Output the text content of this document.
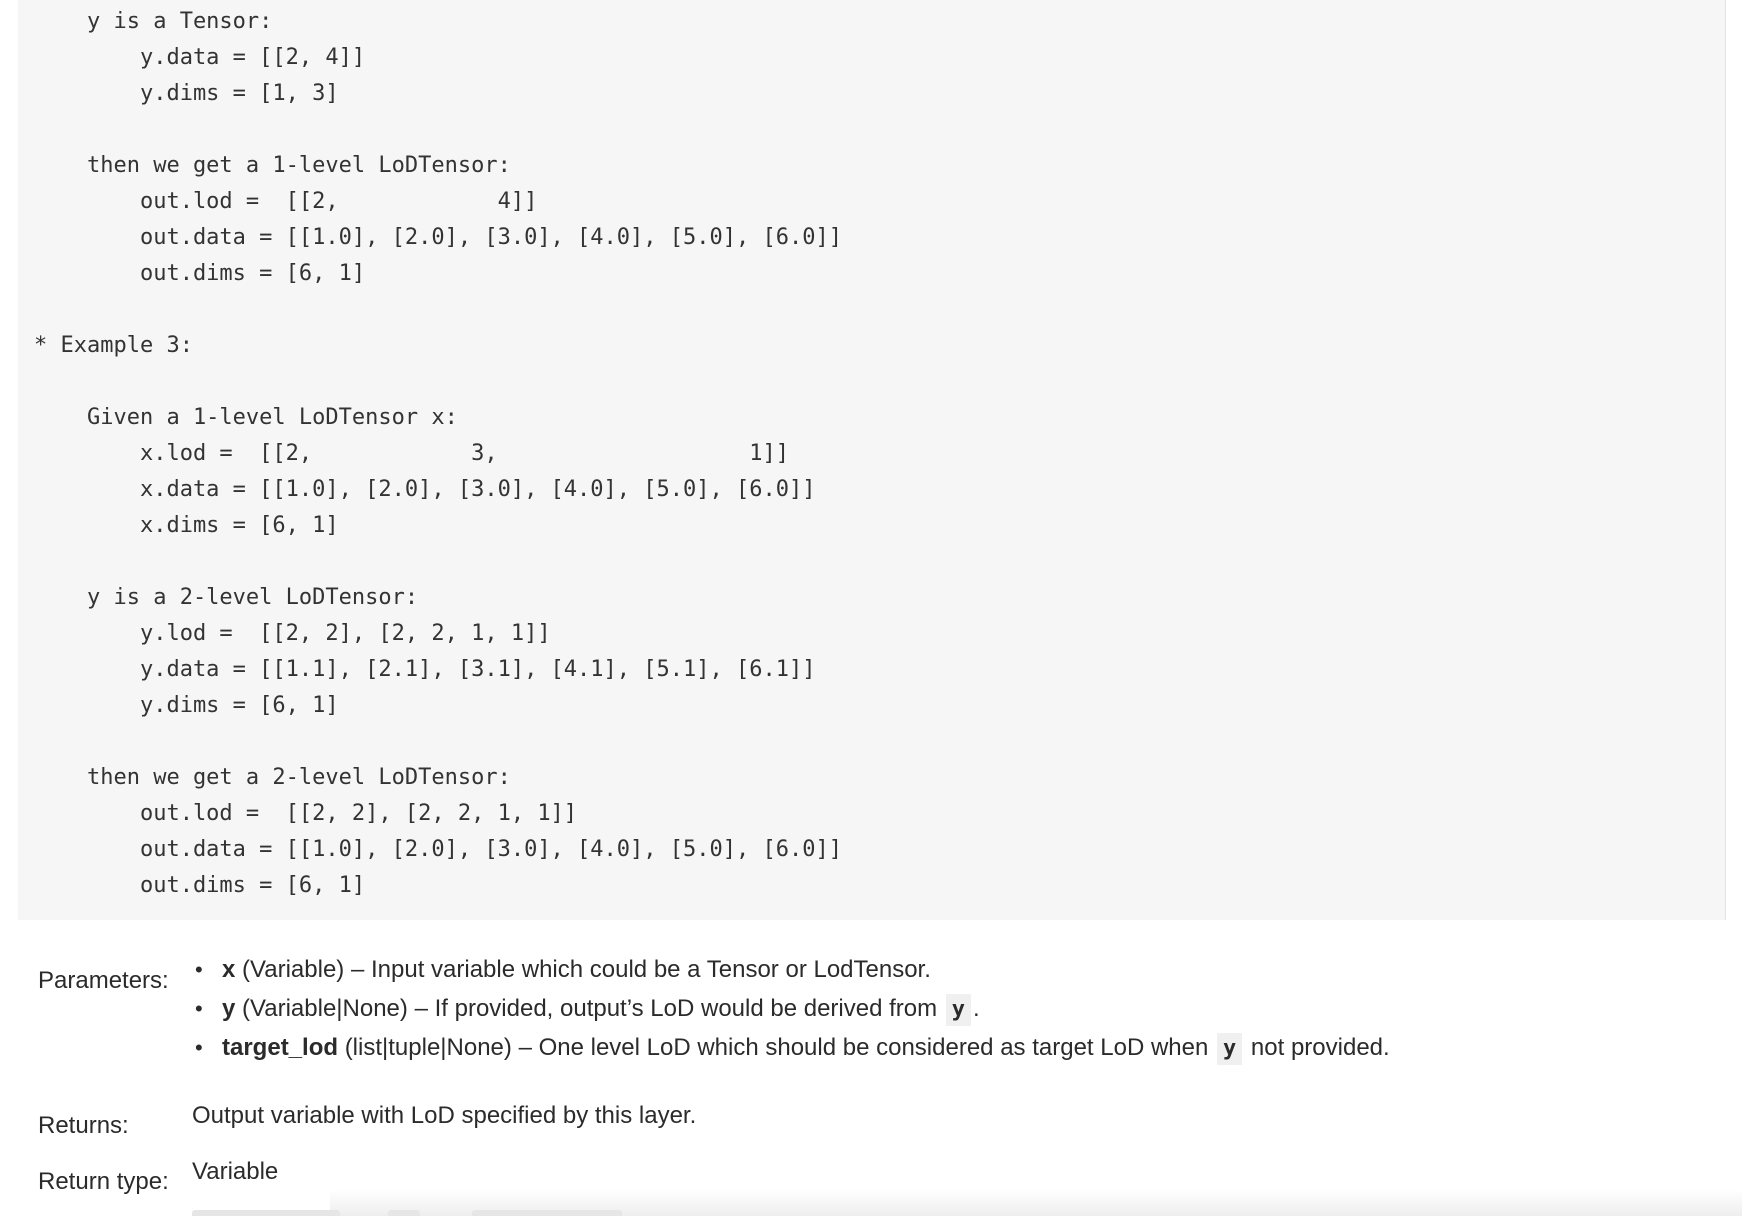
y is a Tensor:
y.data = [[2, 4]]
y.dims = [1, 3]
then we get a 1-level LoDTensor:
out.lod =  [[2,            4]]
out.data = [[1.0], [2.0], [3.0], [4.0], [5.0], [6.0]]
out.dims = [6, 1]
* Example 3:
Given a 1-level LoDTensor x:
x.lod =  [[2,            3,                   1]]
x.data = [[1.0], [2.0], [3.0], [4.0], [5.0], [6.0]]
x.dims = [6, 1]
y is a 2-level LoDTensor:
y.lod =  [[2, 2], [2, 2, 1, 1]]
y.data = [[1.1], [2.1], [3.1], [4.1], [5.1], [6.1]]
y.dims = [6, 1]
then we get a 2-level LoDTensor:
out.lod =  [[2, 2], [2, 2, 1, 1]]
out.data = [[1.0], [2.0], [3.0], [4.0], [5.0], [6.0]]
out.dims = [6, 1]
Parameters: • x (Variable) – Input variable which could be a Tensor or LodTensor.
• y (Variable|None) – If provided, output’s LoD would be derived from y .
• target_lod (list|tuple|None) – One level LoD which should be considered as target LoD when y not provided.
Returns:	Output variable with LoD specified by this layer.
Return type: Variable
